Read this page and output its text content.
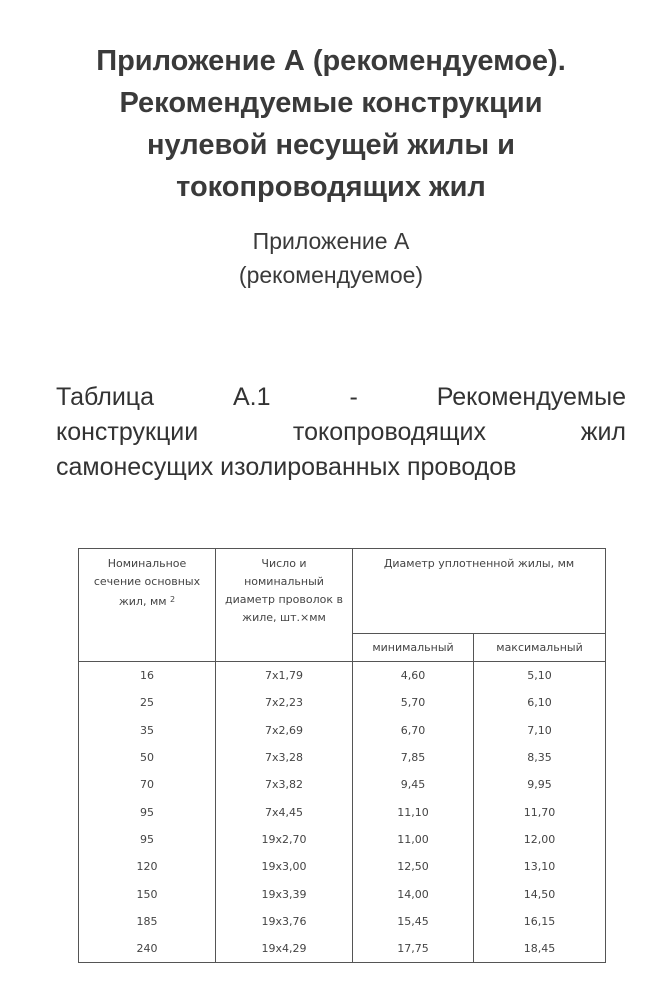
Приложение А (рекомендуемое).
Рекомендуемые конструкции
нулевой несущей жилы и
токопроводящих жил
Приложение А
(рекомендуемое)
Таблица	А.1	-	Рекомендуемые
конструкции	токопроводящих	жил
самонесущих изолированных проводов
Номинальное сечение основных жил, мм $^2$	Число и номинальный диаметр проволок в жиле, шт.×мм	Диаметр уплотненной жилы, мм	
		минимальный	максимальный
16	7x1,79	4,60	5,10
25	7x2,23	5,70	6,10
35	7x2,69	6,70	7,10
50	7x3,28	7,85	8,35
70	7x3,82	9,45	9,95
95	7x4,45	11,10	11,70
95	19x2,70	11,00	12,00
120	19x3,00	12,50	13,10
150	19x3,39	14,00	14,50
185	19x3,76	15,45	16,15
240	19x4,29	17,75	18,45
